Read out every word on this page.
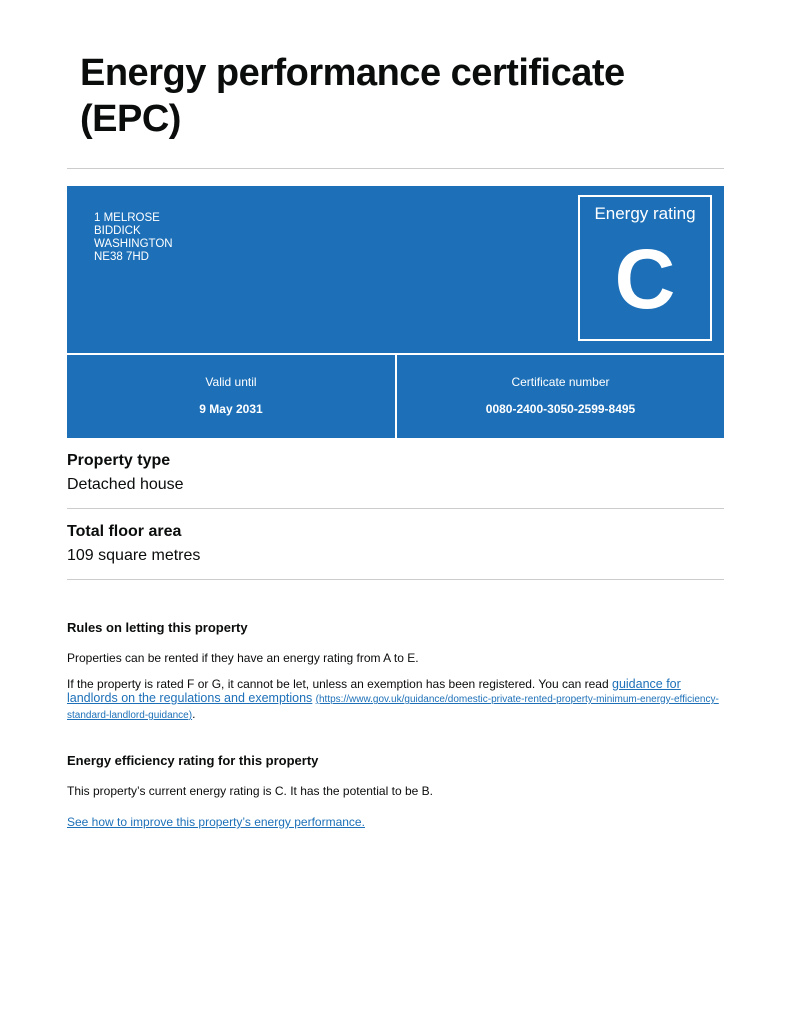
Energy performance certificate (EPC)
1 MELROSE
BIDDICK
WASHINGTON
NE38 7HD
Energy rating
C
Valid until
9 May 2031
Certificate number
0080-2400-3050-2599-8495
Property type
Detached house
Total floor area
109 square metres
Rules on letting this property

Properties can be rented if they have an energy rating from A to E.

If the property is rated F or G, it cannot be let, unless an exemption has been registered. You can read guidance for landlords on the regulations and exemptions (https://www.gov.uk/guidance/domestic-private-rented-property-minimum-energy-efficiency-standard-landlord-guidance).

Energy efficiency rating for this property

This property’s current energy rating is C. It has the potential to be B.

See how to improve this property’s energy performance.
